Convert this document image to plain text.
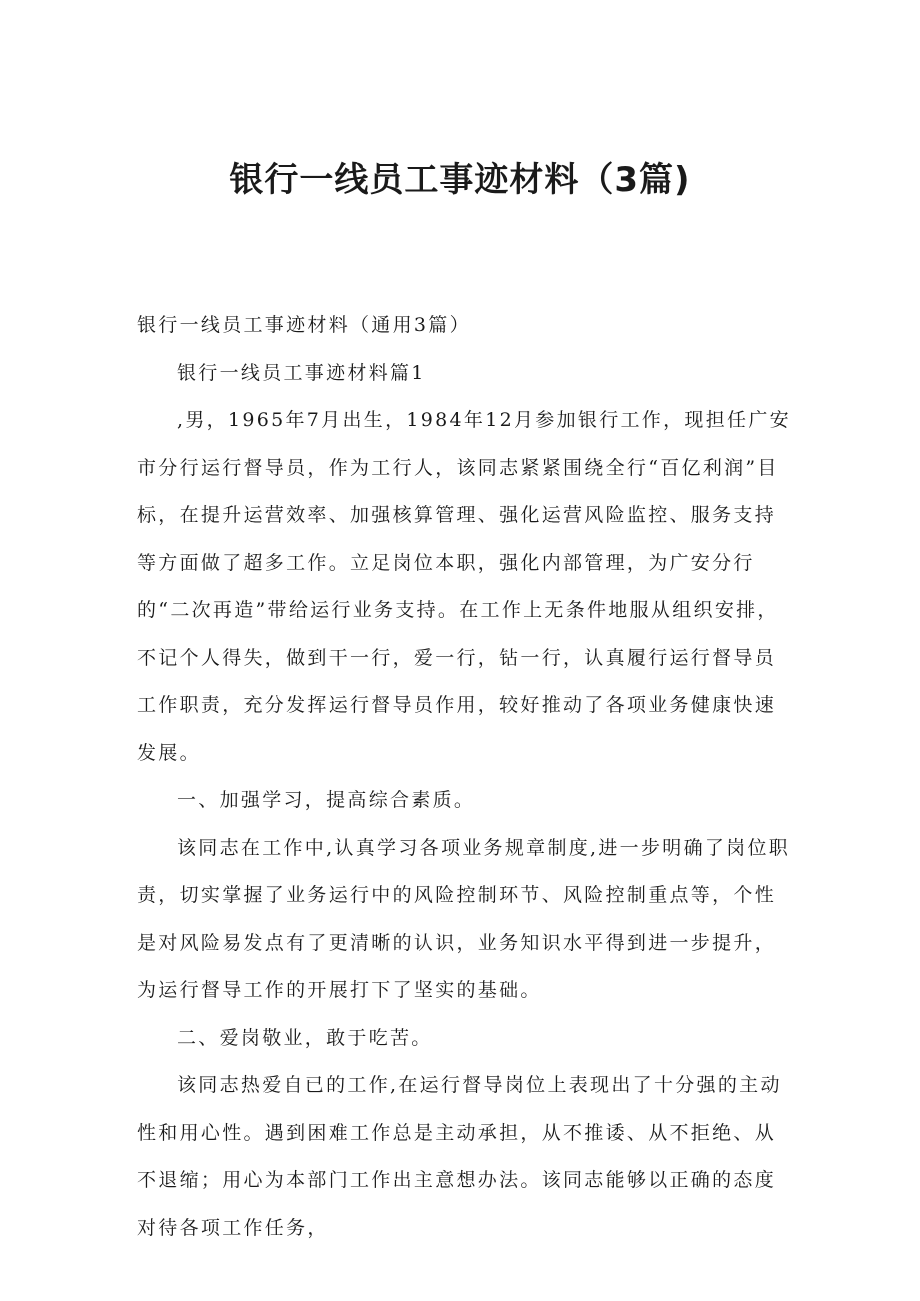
银行一线员工事迹材料（3篇)

银行一线员工事迹材料（通用3篇）

银行一线员工事迹材料篇1

,男，1965年7月出生，1984年12月参加银行工作，现担任广安市分行运行督导员，作为工行人，该同志紧紧围绕全行“百亿利润”目标，在提升运营效率、加强核算管理、强化运营风险监控、服务支持等方面做了超多工作。立足岗位本职，强化内部管理，为广安分行的“二次再造”带给运行业务支持。在工作上无条件地服从组织安排，不记个人得失，做到干一行，爱一行，钻一行，认真履行运行督导员工作职责，充分发挥运行督导员作用，较好推动了各项业务健康快速发展。

一、加强学习，提高综合素质。

该同志在工作中,认真学习各项业务规章制度,进一步明确了岗位职责，切实掌握了业务运行中的风险控制环节、风险控制重点等，个性是对风险易发点有了更清晰的认识，业务知识水平得到进一步提升，为运行督导工作的开展打下了坚实的基础。

二、爱岗敬业，敢于吃苦。

该同志热爱自已的工作,在运行督导岗位上表现出了十分强的主动性和用心性。遇到困难工作总是主动承担，从不推诿、从不拒绝、从不退缩；用心为本部门工作出主意想办法。该同志能够以正确的态度对待各项工作任务，
